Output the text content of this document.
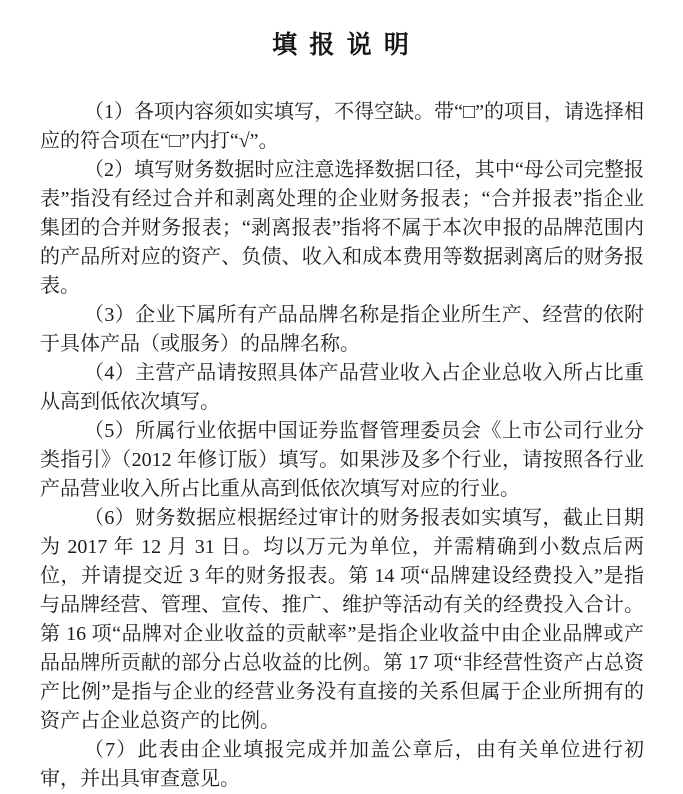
填 报 说 明

（1）各项内容须如实填写，不得空缺。带“□”的项目，请选择相应的符合项在“□”内打“√”。

（2）填写财务数据时应注意选择数据口径，其中“母公司完整报表”指没有经过合并和剥离处理的企业财务报表；“合并报表”指企业集团的合并财务报表；“剥离报表”指将不属于本次申报的品牌范围内的产品所对应的资产、负债、收入和成本费用等数据剥离后的财务报表。

（3）企业下属所有产品品牌名称是指企业所生产、经营的依附于具体产品（或服务）的品牌名称。

（4）主营产品请按照具体产品营业收入占企业总收入所占比重从高到低依次填写。

（5）所属行业依据中国证券监督管理委员会《上市公司行业分类指引》（2012 年修订版）填写。如果涉及多个行业，请按照各行业产品营业收入所占比重从高到低依次填写对应的行业。

（6）财务数据应根据经过审计的财务报表如实填写，截止日期为 2017 年 12 月 31 日。均以万元为单位，并需精确到小数点后两位，并请提交近 3 年的财务报表。第 14 项“品牌建设经费投入”是指与品牌经营、管理、宣传、推广、维护等活动有关的经费投入合计。第 16 项“品牌对企业收益的贡献率”是指企业收益中由企业品牌或产品品牌所贡献的部分占总收益的比例。第 17 项“非经营性资产占总资产比例”是指与企业的经营业务没有直接的关系但属于企业所拥有的资产占企业总资产的比例。

（7）此表由企业填报完成并加盖公章后，由有关单位进行初审，并出具审查意见。
